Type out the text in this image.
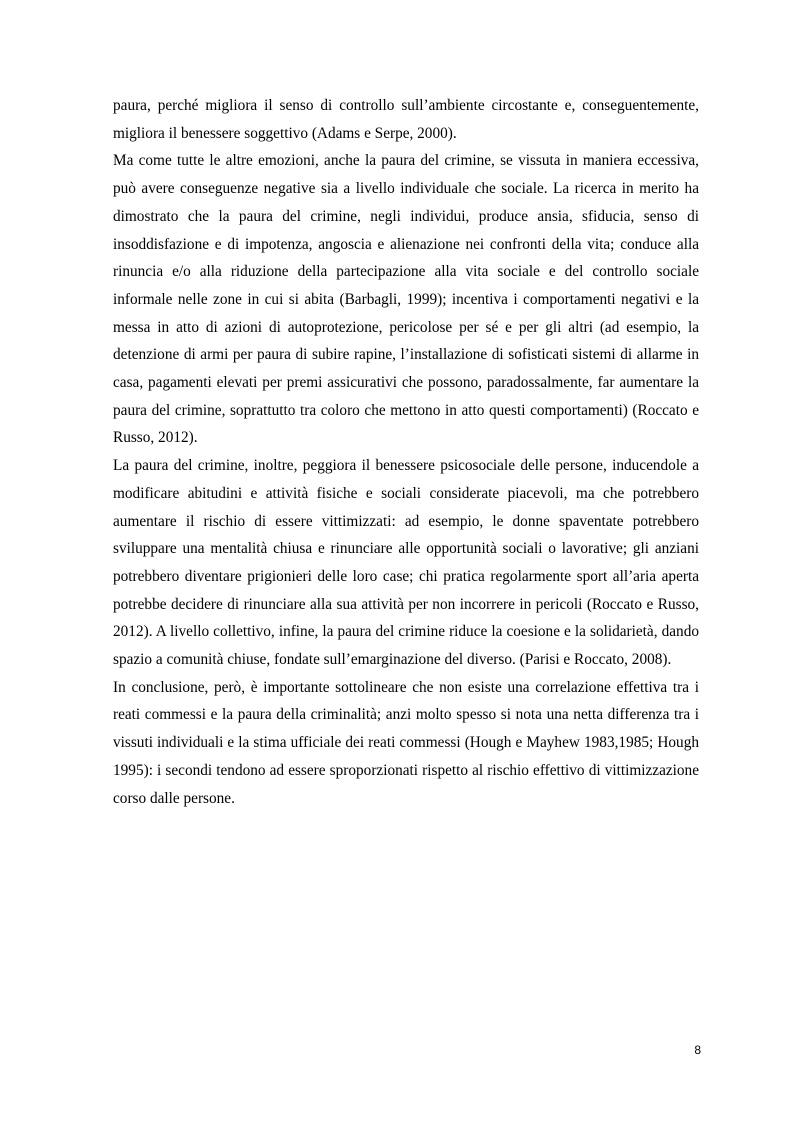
paura, perché migliora il senso di controllo sull’ambiente circostante e, conseguentemente, migliora il benessere soggettivo (Adams e Serpe, 2000).

Ma come tutte le altre emozioni, anche la paura del crimine, se vissuta in maniera eccessiva, può avere conseguenze negative sia a livello individuale che sociale. La ricerca in merito ha dimostrato che la paura del crimine, negli individui, produce ansia, sfiducia, senso di insoddisfazione e di impotenza, angoscia e alienazione nei confronti della vita; conduce alla rinuncia e/o alla riduzione della partecipazione alla vita sociale e del controllo sociale informale nelle zone in cui si abita (Barbagli, 1999); incentiva i comportamenti negativi e la messa in atto di azioni di autoprotezione, pericolose per sé e per gli altri (ad esempio, la detenzione di armi per paura di subire rapine, l’installazione di sofisticati sistemi di allarme in casa, pagamenti elevati per premi assicurativi che possono, paradossalmente, far aumentare la paura del crimine, soprattutto tra coloro che mettono in atto questi comportamenti) (Roccato e Russo, 2012).

La paura del crimine, inoltre, peggiora il benessere psicosociale delle persone, inducendole a modificare abitudini e attività fisiche e sociali considerate piacevoli, ma che potrebbero aumentare il rischio di essere vittimizzati: ad esempio, le donne spaventate potrebbero sviluppare una mentalità chiusa e rinunciare alle opportunità sociali o lavorative; gli anziani potrebbero diventare prigionieri delle loro case; chi pratica regolarmente sport all’aria aperta potrebbe decidere di rinunciare alla sua attività per non incorrere in pericoli (Roccato e Russo, 2012). A livello collettivo, infine, la paura del crimine riduce la coesione e la solidarietà, dando spazio a comunità chiuse, fondate sull’emarginazione del diverso. (Parisi e Roccato, 2008).

In conclusione, però, è importante sottolineare che non esiste una correlazione effettiva tra i reati commessi e la paura della criminalità; anzi molto spesso si nota una netta differenza tra i vissuti individuali e la stima ufficiale dei reati commessi (Hough e Mayhew 1983,1985; Hough 1995): i secondi tendono ad essere sproporzionati rispetto al rischio effettivo di vittimizzazione corso dalle persone.

8
